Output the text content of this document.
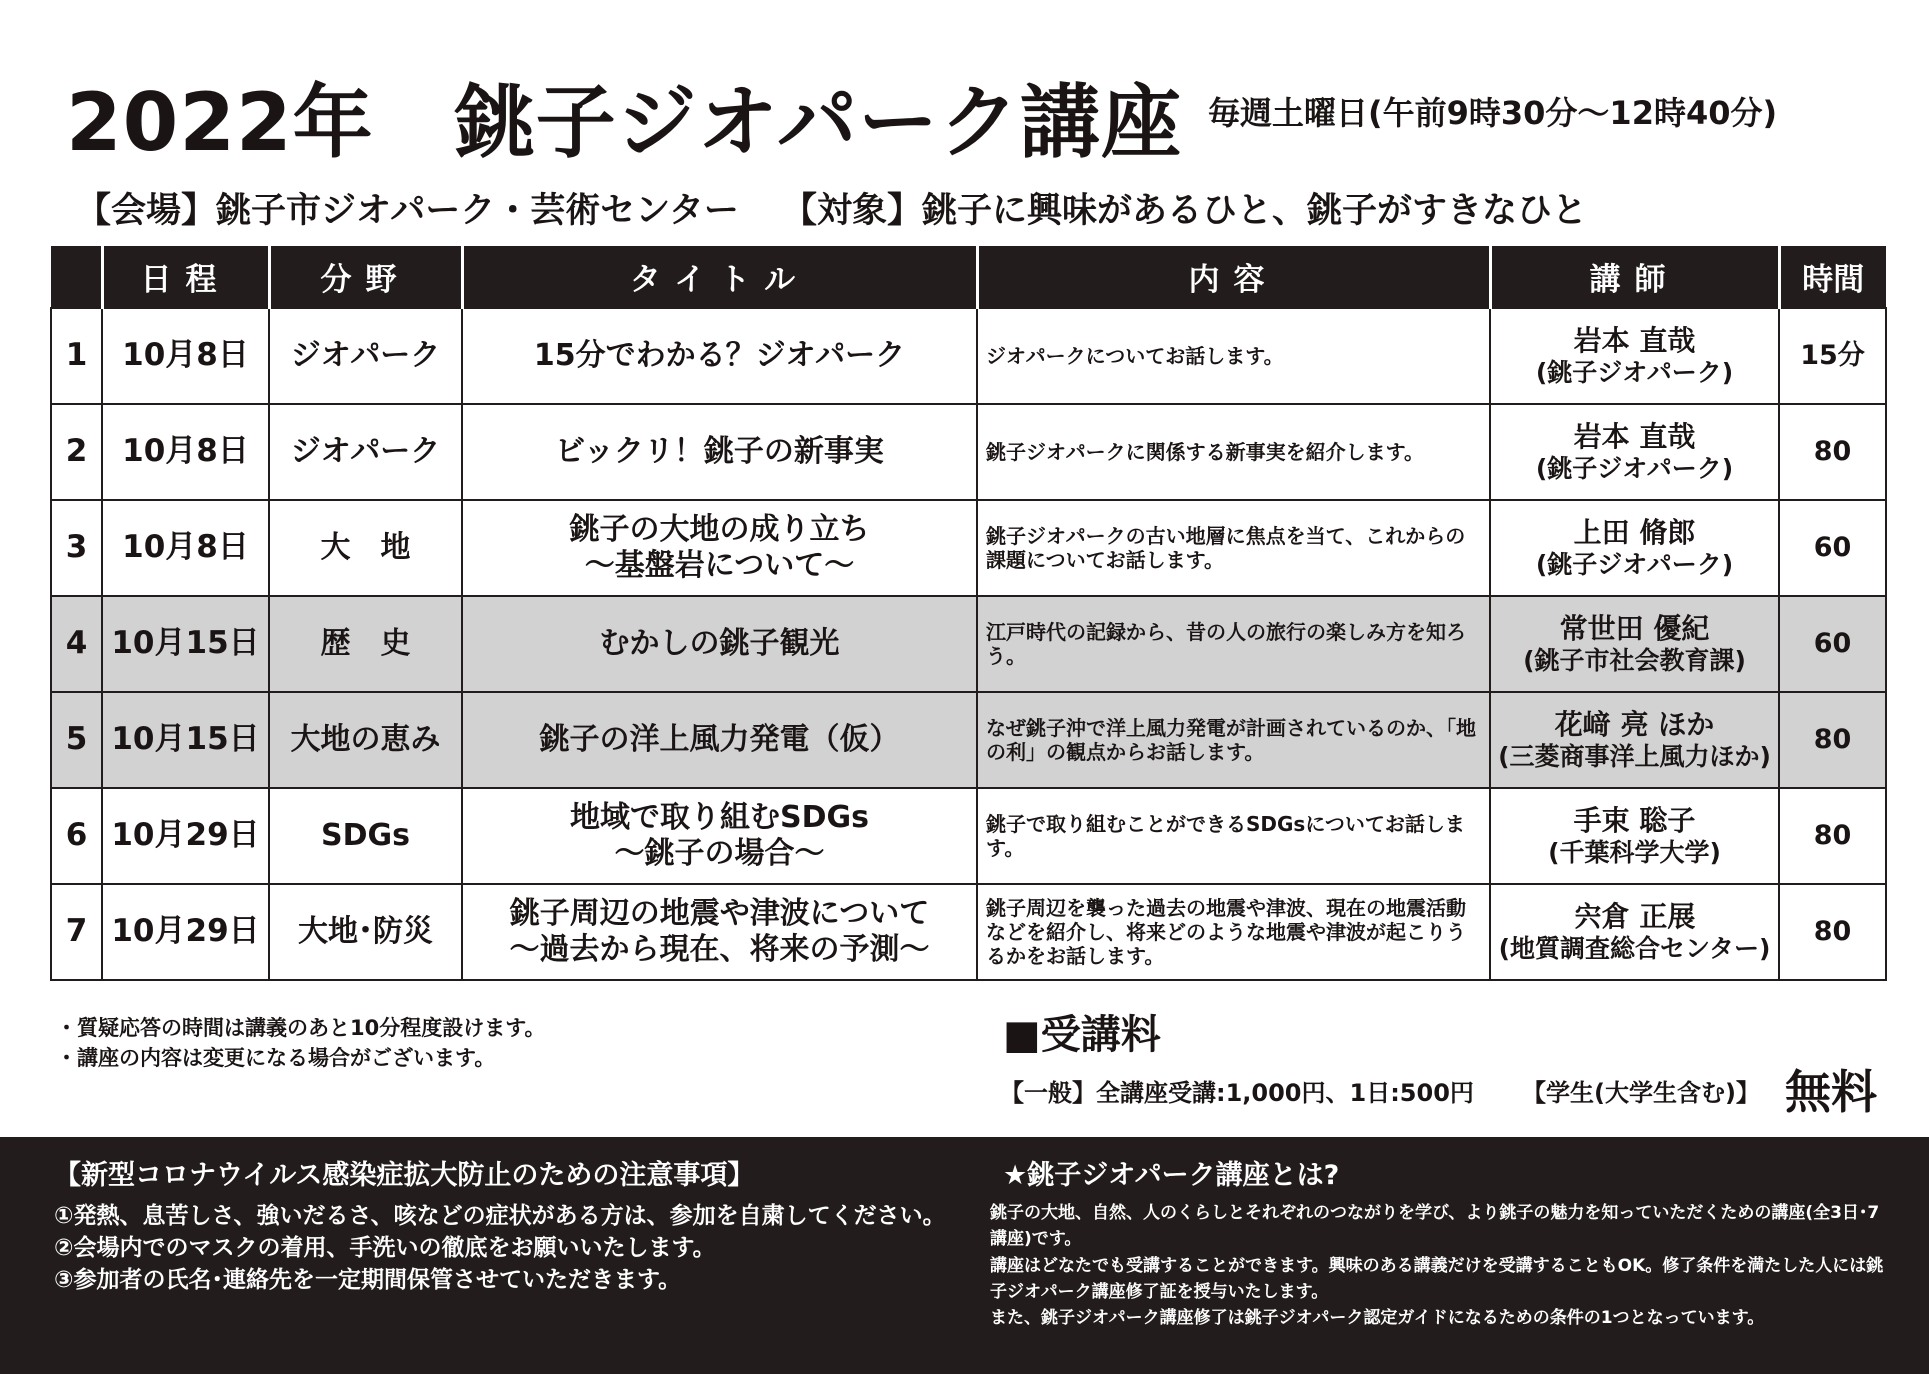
2022年　銚子ジオパーク講座 毎週土曜日(午前9時30分～12時40分)
【会場】銚子市ジオパーク・芸術センター 【対象】銚子に興味があるひと、銚子がすきなひと
	日程	分野	タイトル	内容	講師	時間
1	10月8日	ジオパーク	15分でわかる？ジオパーク	ジオパークについてお話します。	岩本 直哉
(銚子ジオパーク)	15分
2	10月8日	ジオパーク	ビックリ！銚子の新事実	銚子ジオパークに関係する新事実を紹介します。	岩本 直哉
(銚子ジオパーク)	80
3	10月8日	大　地	銚子の大地の成り立ち
～基盤岩について～	銚子ジオパークの古い地層に焦点を当て、これからの課題についてお話します。	上田 脩郎
(銚子ジオパーク)	60
4	10月15日	歴　史	むかしの銚子観光	江戸時代の記録から、昔の人の旅行の楽しみ方を知ろう。	常世田 優紀
(銚子市社会教育課)	60
5	10月15日	大地の恵み	銚子の洋上風力発電（仮）	なぜ銚子沖で洋上風力発電が計画されているのか、「地の利」の観点からお話します。	花﨑 亮 ほか
(三菱商事洋上風力ほか)	80
6	10月29日	SDGs	地域で取り組むSDGs
～銚子の場合～	銚子で取り組むことができるSDGsについてお話します。	手束 聡子
(千葉科学大学)	80
7	10月29日	大地･防災	銚子周辺の地震や津波について
～過去から現在、将来の予測～	銚子周辺を襲った過去の地震や津波、現在の地震活動などを紹介し、将来どのような地震や津波が起こりうるかをお話します。	宍倉 正展
(地質調査総合センター)	80
・質疑応答の時間は講義のあと10分程度設けます。
・講座の内容は変更になる場合がございます。
■受講料
【一般】全講座受講:1,000円、1日:500円 【学生(大学生含む)】 無料
【新型コロナウイルス感染症拡大防止のための注意事項】
①発熱、息苦しさ、強いだるさ、咳などの症状がある方は、参加を自粛してください。
②会場内でのマスクの着用、手洗いの徹底をお願いいたします。
③参加者の氏名･連絡先を一定期間保管させていただきます。
★銚子ジオパーク講座とは?
銚子の大地、自然、人のくらしとそれぞれのつながりを学び、より銚子の魅力を知っていただくための講座(全3日･7講座)です。
講座はどなたでも受講することができます。興味のある講義だけを受講することもOK。修了条件を満たした人には銚子ジオパーク講座修了証を授与いたします。
また、銚子ジオパーク講座修了は銚子ジオパーク認定ガイドになるための条件の1つとなっています。
